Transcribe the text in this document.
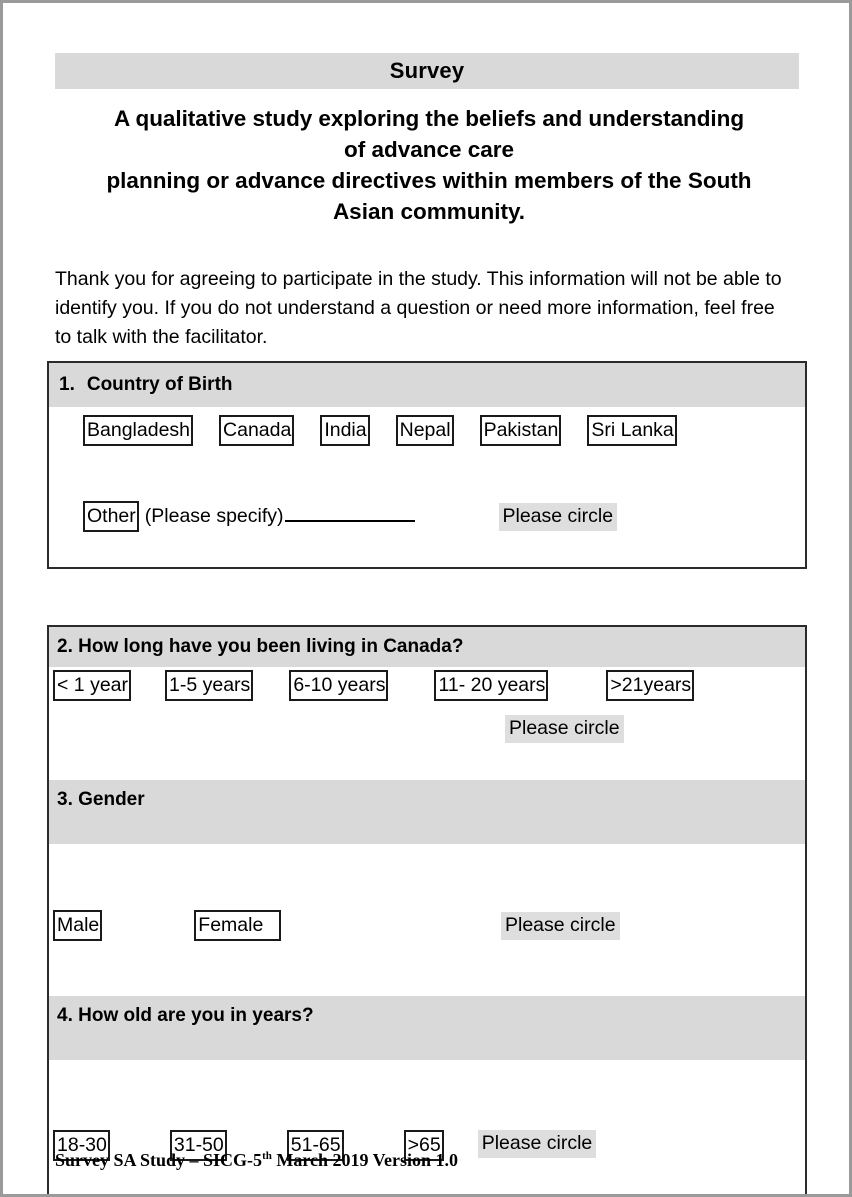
Survey
A qualitative study exploring the beliefs and understanding
of advance care
planning or advance directives within members of the South
Asian community.
Thank you for agreeing to participate in the study. This information will not be able to identify you. If you do not understand a question or need more information, feel free to talk with the facilitator.
1. Country of Birth
Bangladesh Canada India Nepal Pakistan Sri Lanka
Other (Please specify)	Please circle
2. How long have you been living in Canada?
< 1 year 1-5 years 6-10 years	11- 20 years	>21years
Please circle
3. Gender
Male	Female	Please circle
4. How old are you in years?
18-30	31-50	51-65	>65 Please circle
Survey SA Study – SICG-5th March 2019 Version 1.0
